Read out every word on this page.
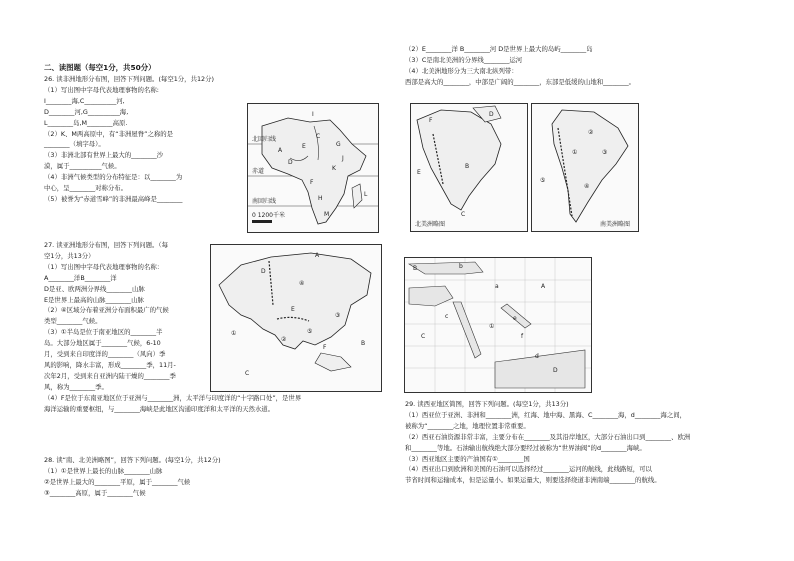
二、读图题（每空1分，共50分）

26. 读非洲地形分布图，回答下列问题。(每空1分，共12分)

（1）写出图中字母代表地理事物的名称:

I________海,C__________河,

D________河,G__________海,

L________岛,M________高原.

（2）K、M两高原中，有“非洲屋脊”之称的是

________（填字母）。

（3）非洲北部有世界上最大的________沙

漠，属于__________气候。

（4）非洲气候类型的分布特征是：以________为

中心，呈________对称分布。

（5）被誉为“赤道雪峰”的非洲最高峰是________

27. 读亚洲地形分布图，回答下列问题。（每

空1分，共13分）

（1）写出图中字母代表地理事物的名称：

A________洋B________洋

D是亚、欧两洲分界线________山脉

E是世界上最高的山脉________山脉

（2）④区域分布着亚洲分布面积最广的气候

类型________气候。

（3）①半岛是位于南亚地区的________半

岛。大部分地区属于________气候，6-10

月，受到来自印度洋的________（风向）季

风的影响，降水丰富，形成________季，11月-

次年2月，受到来自亚洲内陆干燥的________季

风，称为________季。

（4）F是位于东南亚地区位于亚洲与________洲，太平洋与印度洋的“十字路口处”，是世界

海洋运输的重要枢纽，与________海峡是此地区沟通印度洋和太平洋的天然水道。

28. 读“南、北美洲略图”，回答下列问题。(每空1分，共12分)

（1）①是世界上最长的山脉________山脉

②是世界上最大的________平原，属于________气候

③________高原，属于________气候

（2）E________洋 B________河 D是世界上最大的岛屿________岛

（3）C是南北美洲的分界线________运河

（4）北美洲地形分为三大南北纵列带：

西部是高大的________，中部是广阔的________，东部是低缓的山地和________。

29. 读西亚地区简图，回答下列问题。(每空1分，共13分)

（1）西亚位于亚洲、非洲和________洲，红海、地中海、黑海、C________海，d________海之间，

被称为“________之地，地理位置非常重要。

（2）西亚石油资源非常丰富，主要分布在________及其沿岸地区，大部分石油出口到________、欧洲

和________等地。石油输出航线绝大部分要经过被称为“世界油阀”的d________海峡。

（3）西亚地区主要的产油国有①________国

（4）西亚出口到欧洲和美国的石油可以选择经过________运河的航线，此线路短，可以

节省时间和运输成本，但是运量小。如果运量大，则要选择绕道非洲南端________的航线。

北回归线
赤道
南回归线
0 1200千米
I
C
D
G
K
L
M
A
E
F
H
J
A
B
C
D
E
F
①
②
③
④
⑤
F
E
B
D
C
北美洲略图
①
②
③
④
⑤
南美洲略图
B
A
C
D
a
b
c
d
e
f
①
